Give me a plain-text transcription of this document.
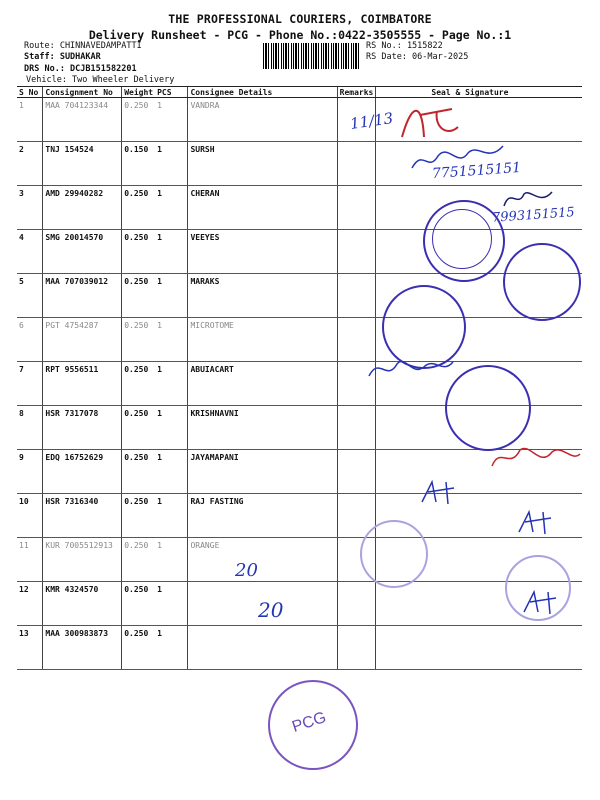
THE PROFESSIONAL COURIERS, COIMBATORE
Delivery Runsheet - PCG - Phone No.:0422-3505555 - Page No.:1
Route: CHINNAVEDAMPATTI
Staff: SUDHAKAR
DRS No.: DCJB151582201
Vehicle: Two Wheeler Delivery
RS No.: 1515822
RS Date: 06-Mar-2025
S No	Consignment No	Weight	PCS	Consignee Details	Remarks	Seal & Signature
1	MAA 704123344	0.250	1	VANDRA		
2	TNJ 154524	0.150	1	SURSH		
3	AMD 29940282	0.250	1	CHERAN		
4	SMG 20014570	0.250	1	VEEYES		
5	MAA 707039012	0.250	1	MARAKS		
6	PGT 4754287	0.250	1	MICROTOME		
7	RPT 9556511	0.250	1	ABUIACART		
8	HSR 7317078	0.250	1	KRISHNAVNI		
9	EDQ 16752629	0.250	1	JAYAMAPANI		
10	HSR 7316340	0.250	1	RAJ FASTING		
11	KUR 7005512913	0.250	1	ORANGE		
12	KMR 4324570	0.250	1			
13	MAA 300983873	0.250	1			
11/13
7751515151
7993151515
20
20
PCG
